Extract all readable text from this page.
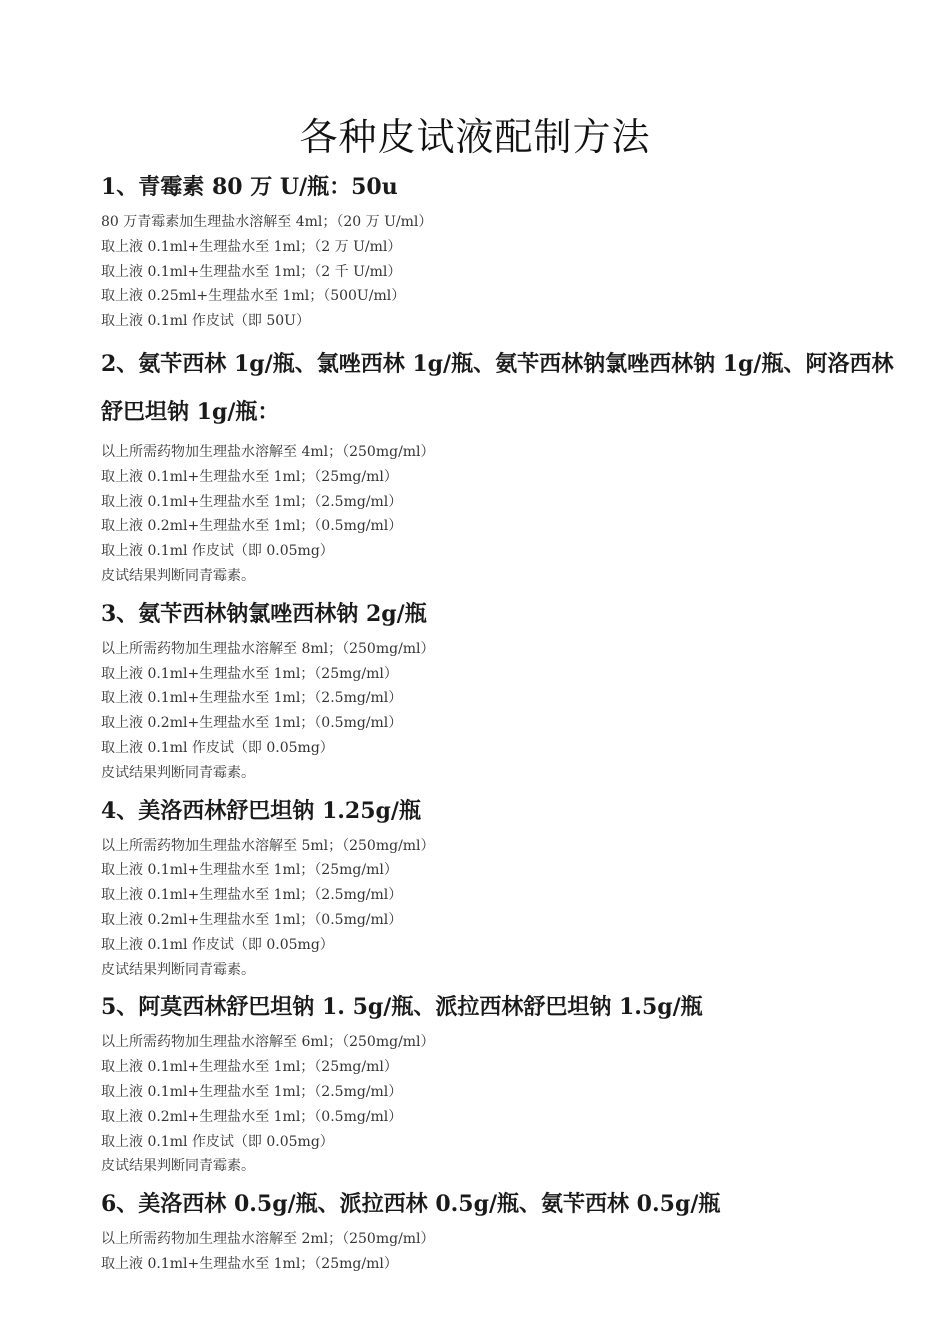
各种皮试液配制方法
1、青霉素 80 万 U/瓶：50u
80 万青霉素加生理盐水溶解至 4ml；（20 万 U/ml）
取上液 0.1ml+生理盐水至 1ml；（2 万 U/ml）
取上液 0.1ml+生理盐水至 1ml；（2 千 U/ml）
取上液 0.25ml+生理盐水至 1ml；（500U/ml）
取上液 0.1ml 作皮试（即 50U）
2、氨苄西林 1g/瓶、氯唑西林 1g/瓶、氨苄西林钠氯唑西林钠 1g/瓶、阿洛西林舒巴坦钠 1g/瓶：
以上所需药物加生理盐水溶解至 4ml；（250mg/ml）
取上液 0.1ml+生理盐水至 1ml；（25mg/ml）
取上液 0.1ml+生理盐水至 1ml；（2.5mg/ml）
取上液 0.2ml+生理盐水至 1ml；（0.5mg/ml）
取上液 0.1ml 作皮试（即 0.05mg）
皮试结果判断同青霉素。
3、氨苄西林钠氯唑西林钠 2g/瓶
以上所需药物加生理盐水溶解至 8ml；（250mg/ml）
取上液 0.1ml+生理盐水至 1ml；（25mg/ml）
取上液 0.1ml+生理盐水至 1ml；（2.5mg/ml）
取上液 0.2ml+生理盐水至 1ml；（0.5mg/ml）
取上液 0.1ml 作皮试（即 0.05mg）
皮试结果判断同青霉素。
4、美洛西林舒巴坦钠 1.25g/瓶
以上所需药物加生理盐水溶解至 5ml；（250mg/ml）
取上液 0.1ml+生理盐水至 1ml；（25mg/ml）
取上液 0.1ml+生理盐水至 1ml；（2.5mg/ml）
取上液 0.2ml+生理盐水至 1ml；（0.5mg/ml）
取上液 0.1ml 作皮试（即 0.05mg）
皮试结果判断同青霉素。
5、阿莫西林舒巴坦钠 1. 5g/瓶、派拉西林舒巴坦钠 1.5g/瓶
以上所需药物加生理盐水溶解至 6ml；（250mg/ml）
取上液 0.1ml+生理盐水至 1ml；（25mg/ml）
取上液 0.1ml+生理盐水至 1ml；（2.5mg/ml）
取上液 0.2ml+生理盐水至 1ml；（0.5mg/ml）
取上液 0.1ml 作皮试（即 0.05mg）
皮试结果判断同青霉素。
6、美洛西林 0.5g/瓶、派拉西林 0.5g/瓶、氨苄西林 0.5g/瓶
以上所需药物加生理盐水溶解至 2ml；（250mg/ml）
取上液 0.1ml+生理盐水至 1ml；（25mg/ml）
